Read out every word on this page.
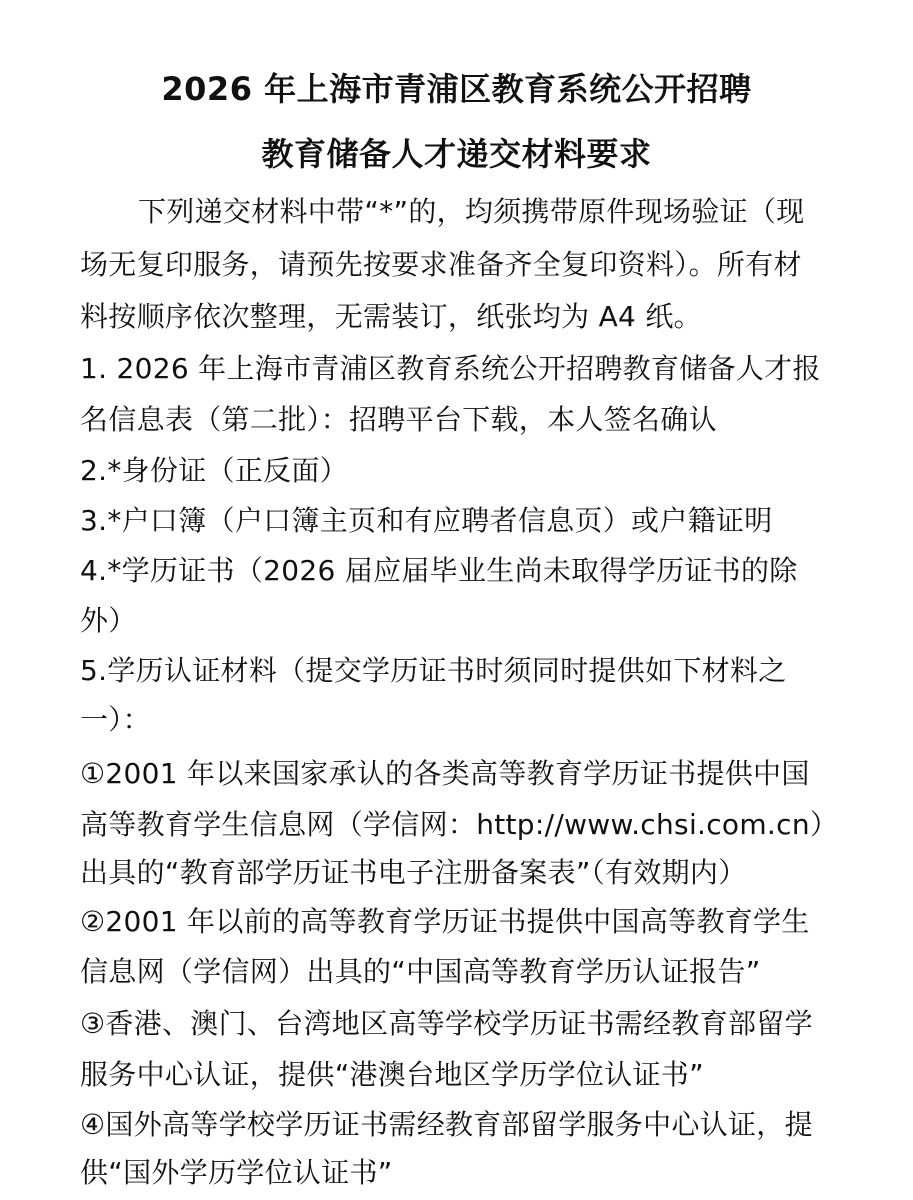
2026 年上海市青浦区教育系统公开招聘
教育储备人才递交材料要求
下列递交材料中带“*”的，均须携带原件现场验证（现
场无复印服务，请预先按要求准备齐全复印资料）。所有材
料按顺序依次整理，无需装订，纸张均为 A4 纸。
1. 2026 年上海市青浦区教育系统公开招聘教育储备人才报
名信息表（第二批）：招聘平台下载，本人签名确认
2.*身份证（正反面）
3.*户口簿（户口簿主页和有应聘者信息页）或户籍证明
4.*学历证书（2026 届应届毕业生尚未取得学历证书的除
外）
5.学历认证材料（提交学历证书时须同时提供如下材料之
一）：
①2001 年以来国家承认的各类高等教育学历证书提供中国
高等教育学生信息网（学信网：http://www.chsi.com.cn）
出具的“教育部学历证书电子注册备案表”（有效期内）
②2001 年以前的高等教育学历证书提供中国高等教育学生
信息网（学信网）出具的“中国高等教育学历认证报告”
③香港、澳门、台湾地区高等学校学历证书需经教育部留学
服务中心认证，提供“港澳台地区学历学位认证书”
④国外高等学校学历证书需经教育部留学服务中心认证，提
供“国外学历学位认证书”
